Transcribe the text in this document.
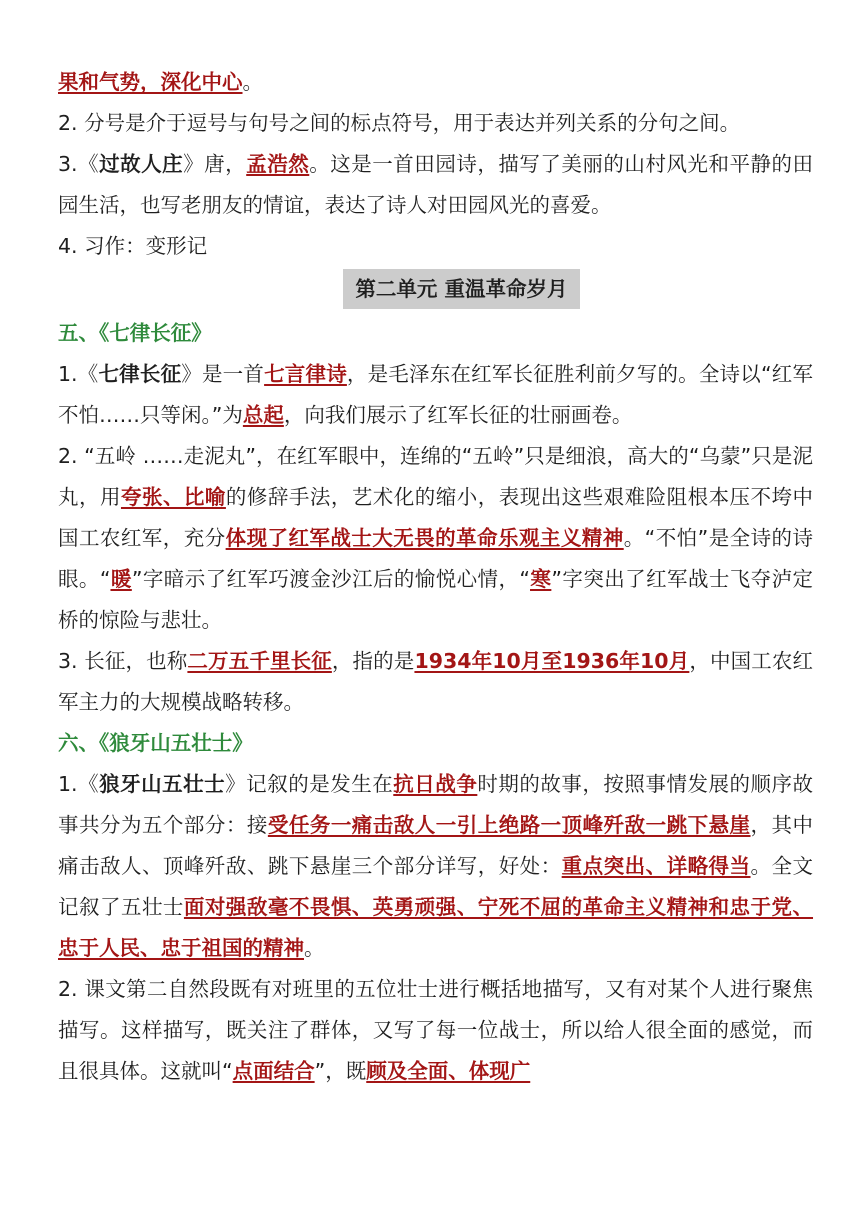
果和气势，深化中心。

2. 分号是介于逗号与句号之间的标点符号，用于表达并列关系的分句之间。

3.《过故人庄》唐，孟浩然。这是一首田园诗，描写了美丽的山村风光和平静的田园生活，也写老朋友的情谊，表达了诗人对田园风光的喜爱。

4. 习作：变形记

第二单元 重温革命岁月

五、《七律长征》

1.《七律长征》是一首七言律诗，是毛泽东在红军长征胜利前夕写的。全诗以“红军不怕……只等闲。”为总起，向我们展示了红军长征的壮丽画卷。

2. “五岭 ……走泥丸”，在红军眼中，连绵的“五岭”只是细浪，高大的“乌蒙”只是泥丸，用夸张、比喻的修辞手法，艺术化的缩小，表现出这些艰难险阻根本压不垮中国工农红军，充分体现了红军战士大无畏的革命乐观主义精神。“不怕”是全诗的诗眼。“暖”字暗示了红军巧渡金沙江后的愉悦心情，“寒”字突出了红军战士飞夺泸定桥的惊险与悲壮。

3. 长征，也称二万五千里长征，指的是1934年10月至1936年10月，中国工农红军主力的大规模战略转移。

六、《狼牙山五壮士》

1.《狼牙山五壮士》记叙的是发生在抗日战争时期的故事，按照事情发展的顺序故事共分为五个部分：接受任务一痛击敌人一引上绝路一顶峰歼敌一跳下悬崖，其中痛击敌人、顶峰歼敌、跳下悬崖三个部分详写，好处：重点突出、详略得当。全文记叙了五壮士面对强敌毫不畏惧、英勇顽强、宁死不屈的革命主义精神和忠于党、忠于人民、忠于祖国的精神。

2. 课文第二自然段既有对班里的五位壮士进行概括地描写，又有对某个人进行聚焦描写。这样描写，既关注了群体，又写了每一位战士，所以给人很全面的感觉，而且很具体。这就叫“点面结合”，既顾及全面、体现广
